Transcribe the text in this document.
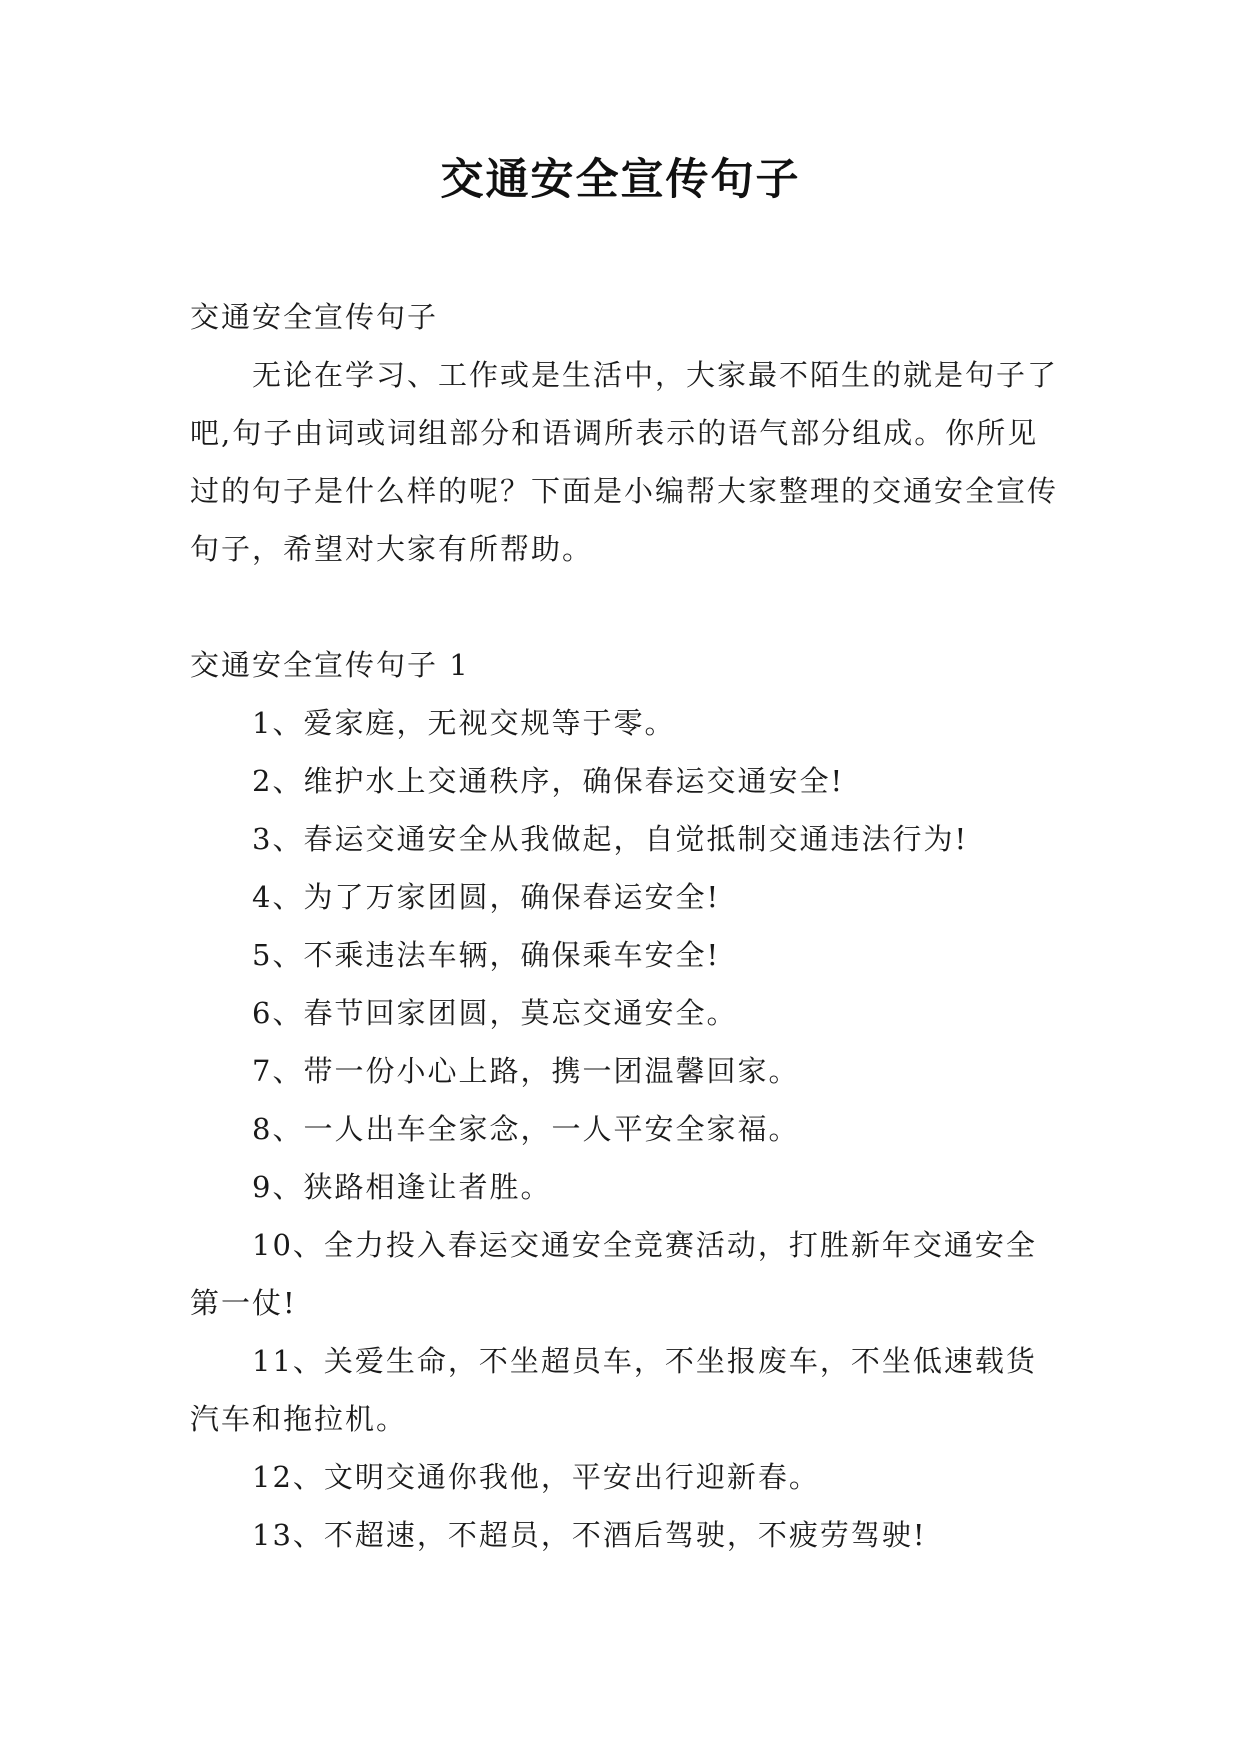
交通安全宣传句子

交通安全宣传句子

无论在学习、工作或是生活中，大家最不陌生的就是句子了吧,句子由词或词组部分和语调所表示的语气部分组成。你所见过的句子是什么样的呢？下面是小编帮大家整理的交通安全宣传句子，希望对大家有所帮助。

交通安全宣传句子 1

1、爱家庭，无视交规等于零。

2、维护水上交通秩序，确保春运交通安全!

3、春运交通安全从我做起，自觉抵制交通违法行为!

4、为了万家团圆，确保春运安全!

5、不乘违法车辆，确保乘车安全!

6、春节回家团圆，莫忘交通安全。

7、带一份小心上路，携一团温馨回家。

8、一人出车全家念，一人平安全家福。

9、狭路相逢让者胜。

10、全力投入春运交通安全竞赛活动，打胜新年交通安全第一仗!

11、关爱生命，不坐超员车，不坐报废车，不坐低速载货汽车和拖拉机。

12、文明交通你我他，平安出行迎新春。

13、不超速，不超员，不酒后驾驶，不疲劳驾驶!
